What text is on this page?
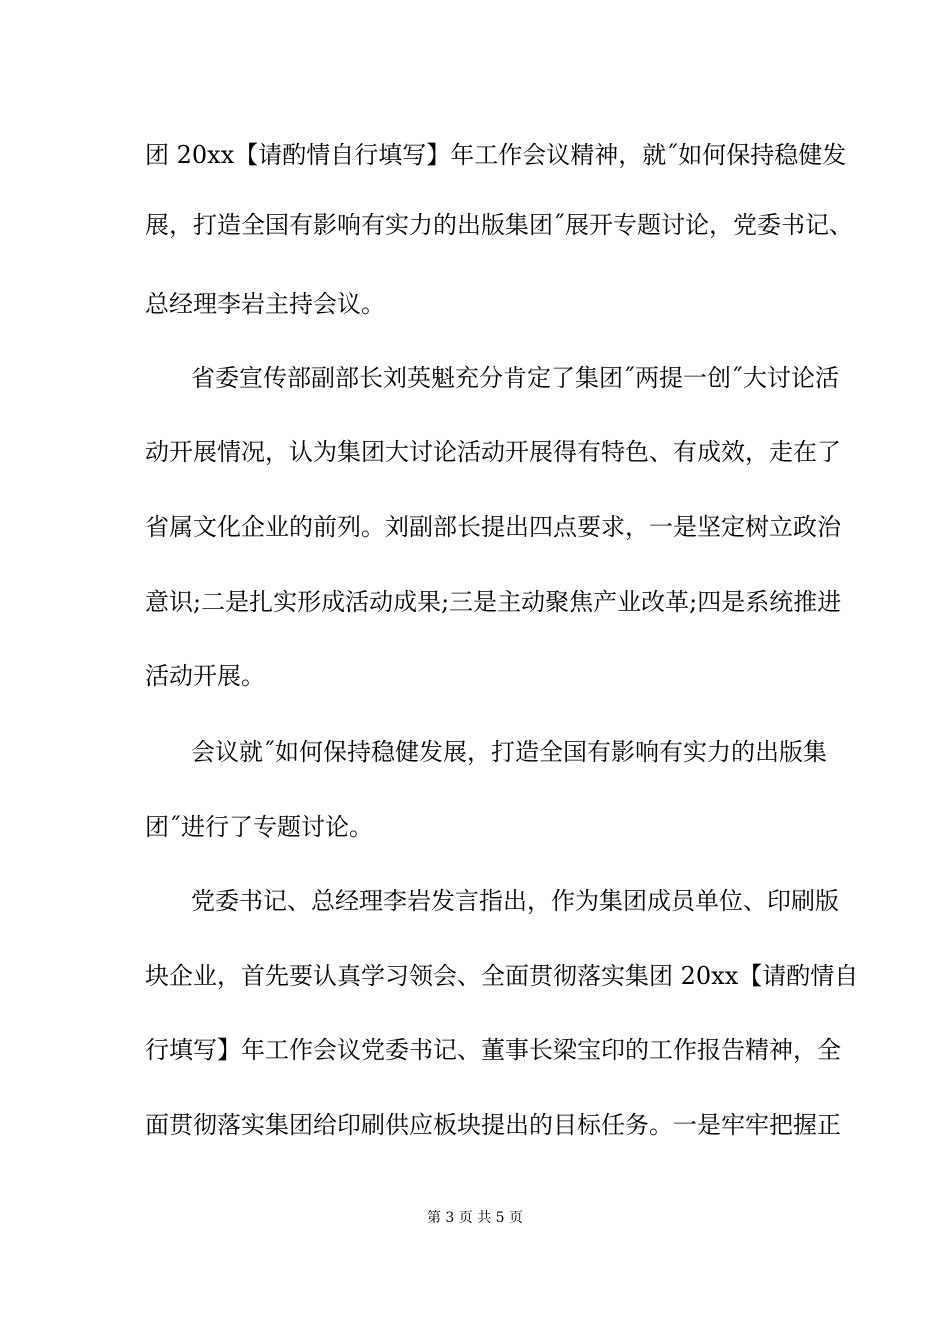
团 20xx【请酌情自行填写】年工作会议精神，就˝如何保持稳健发
展，打造全国有影响有实力的出版集团˝展开专题讨论，党委书记、
总经理李岩主持会议。
省委宣传部副部长刘英魁充分肯定了集团˝两提一创˝大讨论活
动开展情况，认为集团大讨论活动开展得有特色、有成效，走在了
省属文化企业的前列。刘副部长提出四点要求，一是坚定树立政治
意识;二是扎实形成活动成果;三是主动聚焦产业改革;四是系统推进
活动开展。
会议就˝如何保持稳健发展，打造全国有影响有实力的出版集
团˝进行了专题讨论。
党委书记、总经理李岩发言指出，作为集团成员单位、印刷版
块企业，首先要认真学习领会、全面贯彻落实集团 20xx【请酌情自
行填写】年工作会议党委书记、董事长梁宝印的工作报告精神，全
面贯彻落实集团给印刷供应板块提出的目标任务。一是牢牢把握正
第 3 页 共 5 页
